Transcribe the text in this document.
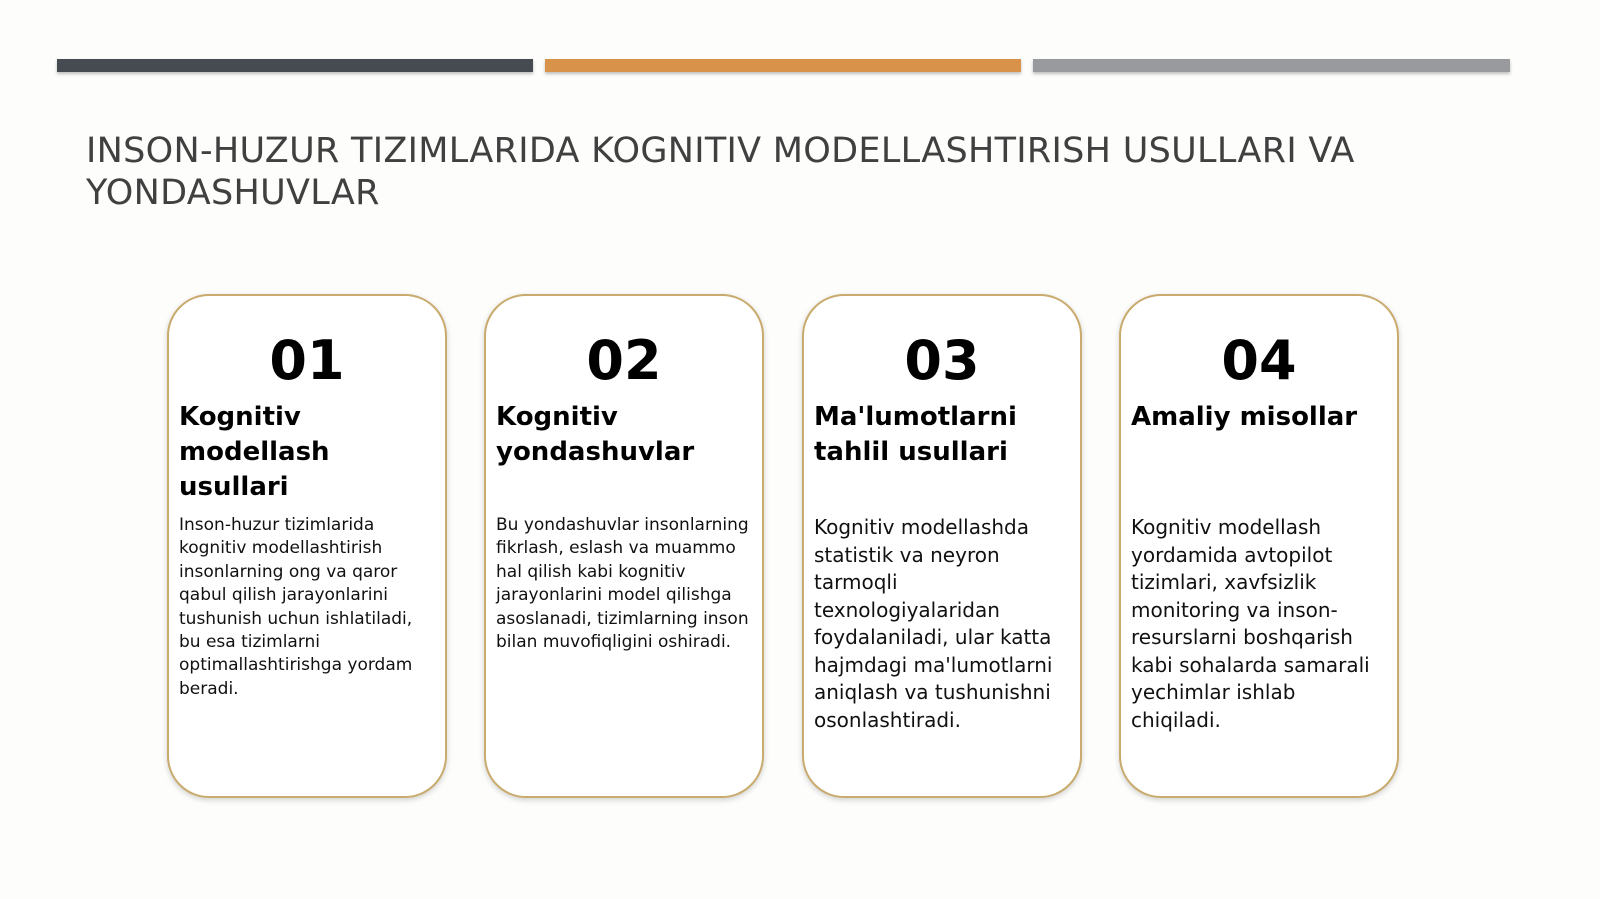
INSON-HUZUR TIZIMLARIDA KOGNITIV MODELLASHTIRISH USULLARI VA YONDASHUVLAR
01
Kognitiv modellash usullari
Inson-huzur tizimlarida kognitiv modellashtirish insonlarning ong va qaror qabul qilish jarayonlarini tushunish uchun ishlatiladi, bu esa tizimlarni optimallashtirishga yordam beradi.
02
Kognitiv yondashuvlar
Bu yondashuvlar insonlarning fikrlash, eslash va muammo hal qilish kabi kognitiv jarayonlarini model qilishga asoslanadi, tizimlarning inson bilan muvofiqligini oshiradi.
03
Ma'lumotlarni tahlil usullari
Kognitiv modellashda statistik va neyron tarmoqli texnologiyalaridan foydalaniladi, ular katta hajmdagi ma'lumotlarni aniqlash va tushunishni osonlashtiradi.
04
Amaliy misollar
Kognitiv modellash yordamida avtopilot tizimlari, xavfsizlik monitoring va inson-resurslarni boshqarish kabi sohalarda samarali yechimlar ishlab chiqiladi.
